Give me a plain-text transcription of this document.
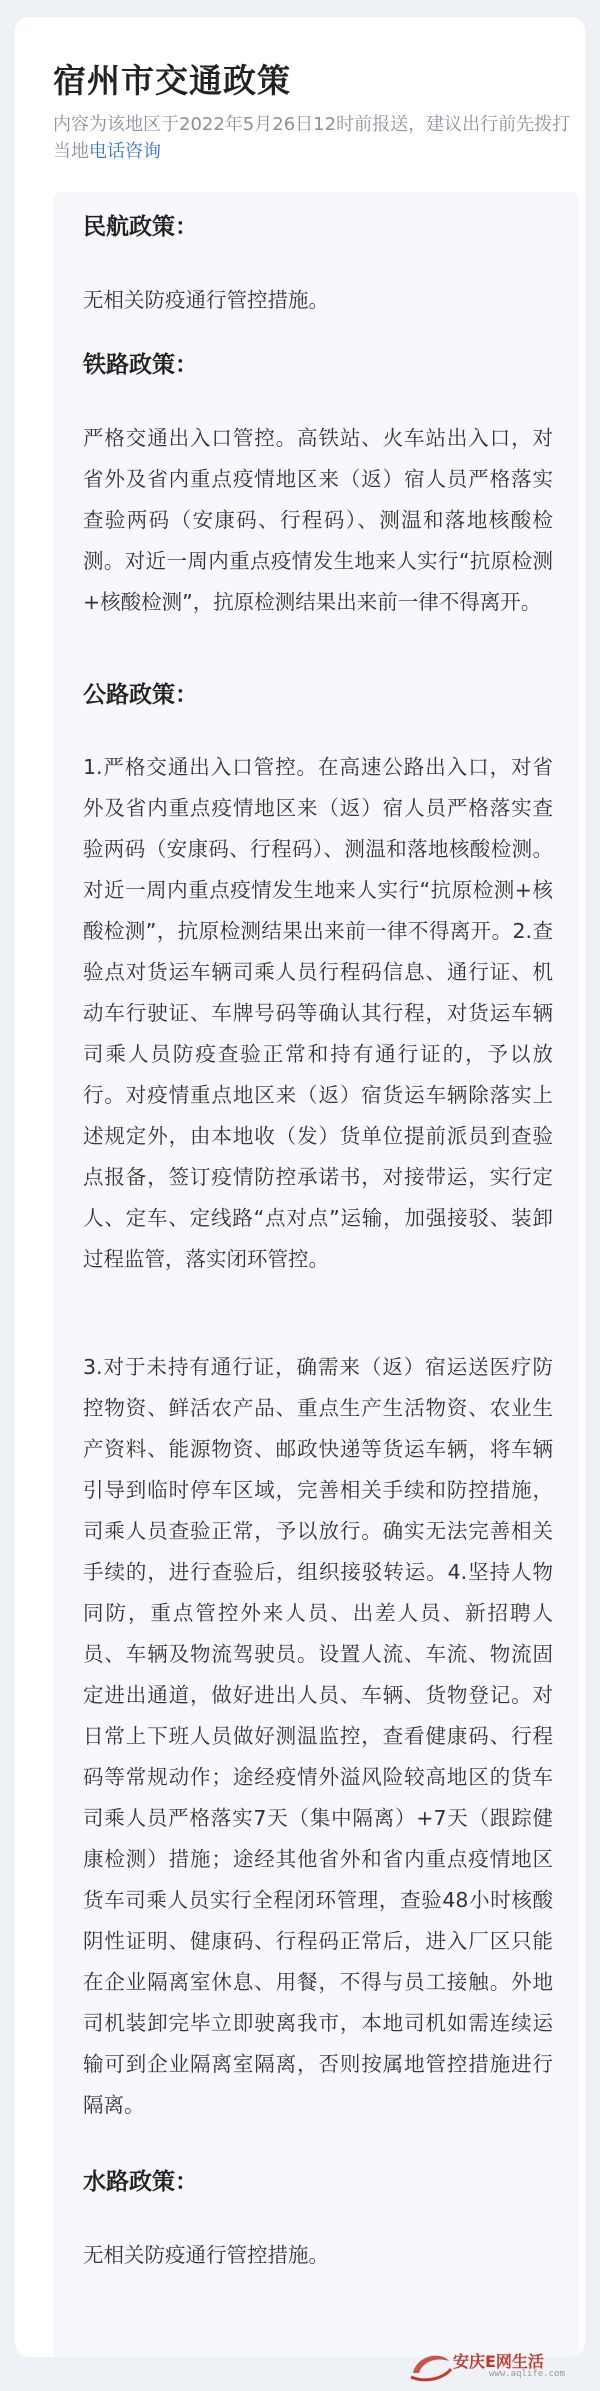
宿州市交通政策
内容为该地区于2022年5月26日12时前报送，建议出行前先拨打当地电话咨询
民航政策：
无相关防疫通行管控措施。
铁路政策：
严格交通出入口管控。高铁站、火车站出入口，对省外及省内重点疫情地区来（返）宿人员严格落实查验两码（安康码、行程码）、测温和落地核酸检测。对近一周内重点疫情发生地来人实行“抗原检测+核酸检测”，抗原检测结果出来前一律不得离开。
公路政策：
1.严格交通出入口管控。在高速公路出入口，对省外及省内重点疫情地区来（返）宿人员严格落实查验两码（安康码、行程码）、测温和落地核酸检测。对近一周内重点疫情发生地来人实行“抗原检测+核酸检测”，抗原检测结果出来前一律不得离开。2.查验点对货运车辆司乘人员行程码信息、通行证、机动车行驶证、车牌号码等确认其行程，对货运车辆司乘人员防疫查验正常和持有通行证的，予以放行。对疫情重点地区来（返）宿货运车辆除落实上述规定外，由本地收（发）货单位提前派员到查验点报备，签订疫情防控承诺书，对接带运，实行定人、定车、定线路“点对点”运输，加强接驳、装卸过程监管，落实闭环管控。
3.对于未持有通行证，确需来（返）宿运送医疗防控物资、鲜活农产品、重点生产生活物资、农业生产资料、能源物资、邮政快递等货运车辆，将车辆引导到临时停车区域，完善相关手续和防控措施，司乘人员查验正常，予以放行。确实无法完善相关手续的，进行查验后，组织接驳转运。4.坚持人物同防，重点管控外来人员、出差人员、新招聘人员、车辆及物流驾驶员。设置人流、车流、物流固定进出通道，做好进出人员、车辆、货物登记。对日常上下班人员做好测温监控，查看健康码、行程码等常规动作；途经疫情外溢风险较高地区的货车司乘人员严格落实7天（集中隔离）+7天（跟踪健康检测）措施；途经其他省外和省内重点疫情地区货车司乘人员实行全程闭环管理，查验48小时核酸阴性证明、健康码、行程码正常后，进入厂区只能在企业隔离室休息、用餐，不得与员工接触。外地司机装卸完毕立即驶离我市，本地司机如需连续运输可到企业隔离室隔离，否则按属地管控措施进行隔离。
水路政策：
无相关防疫通行管控措施。
安庆E网生活
www.aqlife.com
